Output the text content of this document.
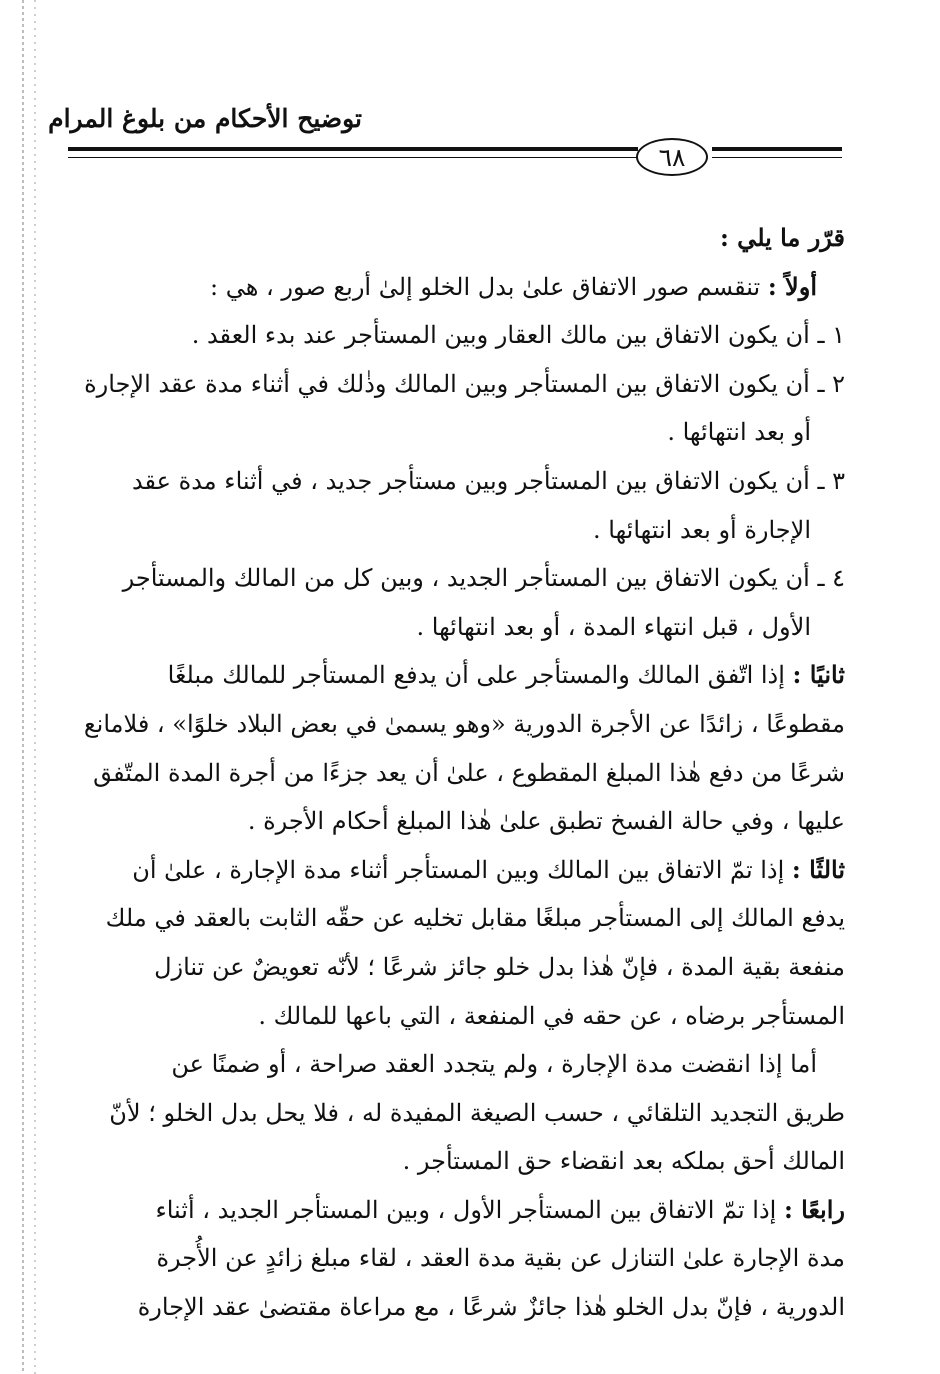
توضيح الأحكام من بلوغ المرام
٦٨
قرّر ما يلي :
أولاً : تنقسم صور الاتفاق علىٰ بدل الخلو إلىٰ أربع صور ، هي :
١ ـ أن يكون الاتفاق بين مالك العقار وبين المستأجر عند بدء العقد .
٢ ـ أن يكون الاتفاق بين المستأجر وبين المالك وذٰلك في أثناء مدة عقد الإجارة
أو بعد انتهائها .
٣ ـ أن يكون الاتفاق بين المستأجر وبين مستأجر جديد ، في أثناء مدة عقد
الإجارة أو بعد انتهائها .
٤ ـ أن يكون الاتفاق بين المستأجر الجديد ، وبين كل من المالك والمستأجر
الأول ، قبل انتهاء المدة ، أو بعد انتهائها .
ثانيًا : إذا اتّفق المالك والمستأجر على أن يدفع المستأجر للمالك مبلغًا
مقطوعًا ، زائدًا عن الأجرة الدورية «وهو يسمىٰ في بعض البلاد خلوًا» ، فلامانع
شرعًا من دفع هٰذا المبلغ المقطوع ، علىٰ أن يعد جزءًا من أجرة المدة المتّفق
عليها ، وفي حالة الفسخ تطبق علىٰ هٰذا المبلغ أحكام الأجرة .
ثالثًا : إذا تمّ الاتفاق بين المالك وبين المستأجر أثناء مدة الإجارة ، علىٰ أن
يدفع المالك إلى المستأجر مبلغًا مقابل تخليه عن حقّه الثابت بالعقد في ملك
منفعة بقية المدة ، فإنّ هٰذا بدل خلو جائز شرعًا ؛ لأنّه تعويضٌ عن تنازل
المستأجر برضاه ، عن حقه في المنفعة ، التي باعها للمالك .
أما إذا انقضت مدة الإجارة ، ولم يتجدد العقد صراحة ، أو ضمنًا عن
طريق التجديد التلقائي ، حسب الصيغة المفيدة له ، فلا يحل بدل الخلو ؛ لأنّ
المالك أحق بملكه بعد انقضاء حق المستأجر .
رابعًا : إذا تمّ الاتفاق بين المستأجر الأول ، وبين المستأجر الجديد ، أثناء
مدة الإجارة علىٰ التنازل عن بقية مدة العقد ، لقاء مبلغ زائدٍ عن الأُجرة
الدورية ، فإنّ بدل الخلو هٰذا جائزٌ شرعًا ، مع مراعاة مقتضىٰ عقد الإجارة
